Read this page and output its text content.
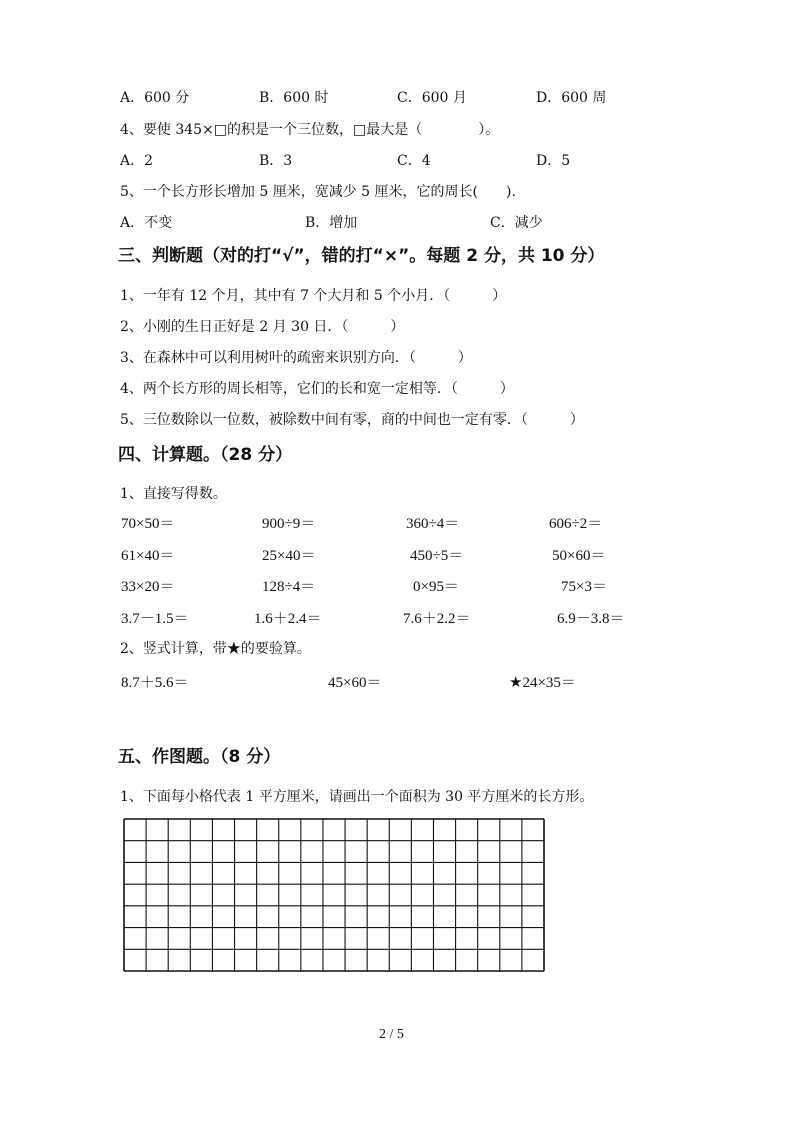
A．600 分	B．600 时	C．600 月	D．600 周
4、要使 345×□的积是一个三位数，□最大是（　　　　）。
A．2	B．3	C．4	D．5
5、一个长方形长增加 5 厘米，宽减少 5 厘米，它的周长(　　).
A．不变	B．增加	C．减少
三、判断题（对的打“√”，错的打“×”。每题 2 分，共 10 分）
1、一年有 12 个月，其中有 7 个大月和 5 个小月．（　　　）
2、小刚的生日正好是 2 月 30 日．（　　　）
3、在森林中可以利用树叶的疏密来识别方向．（　　　）
4、两个长方形的周长相等，它们的长和宽一定相等．（　　　）
5、三位数除以一位数，被除数中间有零，商的中间也一定有零．（　　　）
四、计算题。（28 分）
1、直接写得数。
70×50＝	900÷9＝	360÷4＝	606÷2＝
61×40＝	25×40＝	450÷5＝	50×60＝
33×20＝	128÷4＝	0×95＝	75×3＝
3.7－1.5＝	1.6＋2.4＝	7.6＋2.2＝	6.9－3.8＝
2、竖式计算，带★的要验算。
8.7＋5.6＝	45×60＝	★24×35＝
五、作图题。（8 分）
1、下面每小格代表 1 平方厘米，请画出一个面积为 30 平方厘米的长方形。
2 / 5
